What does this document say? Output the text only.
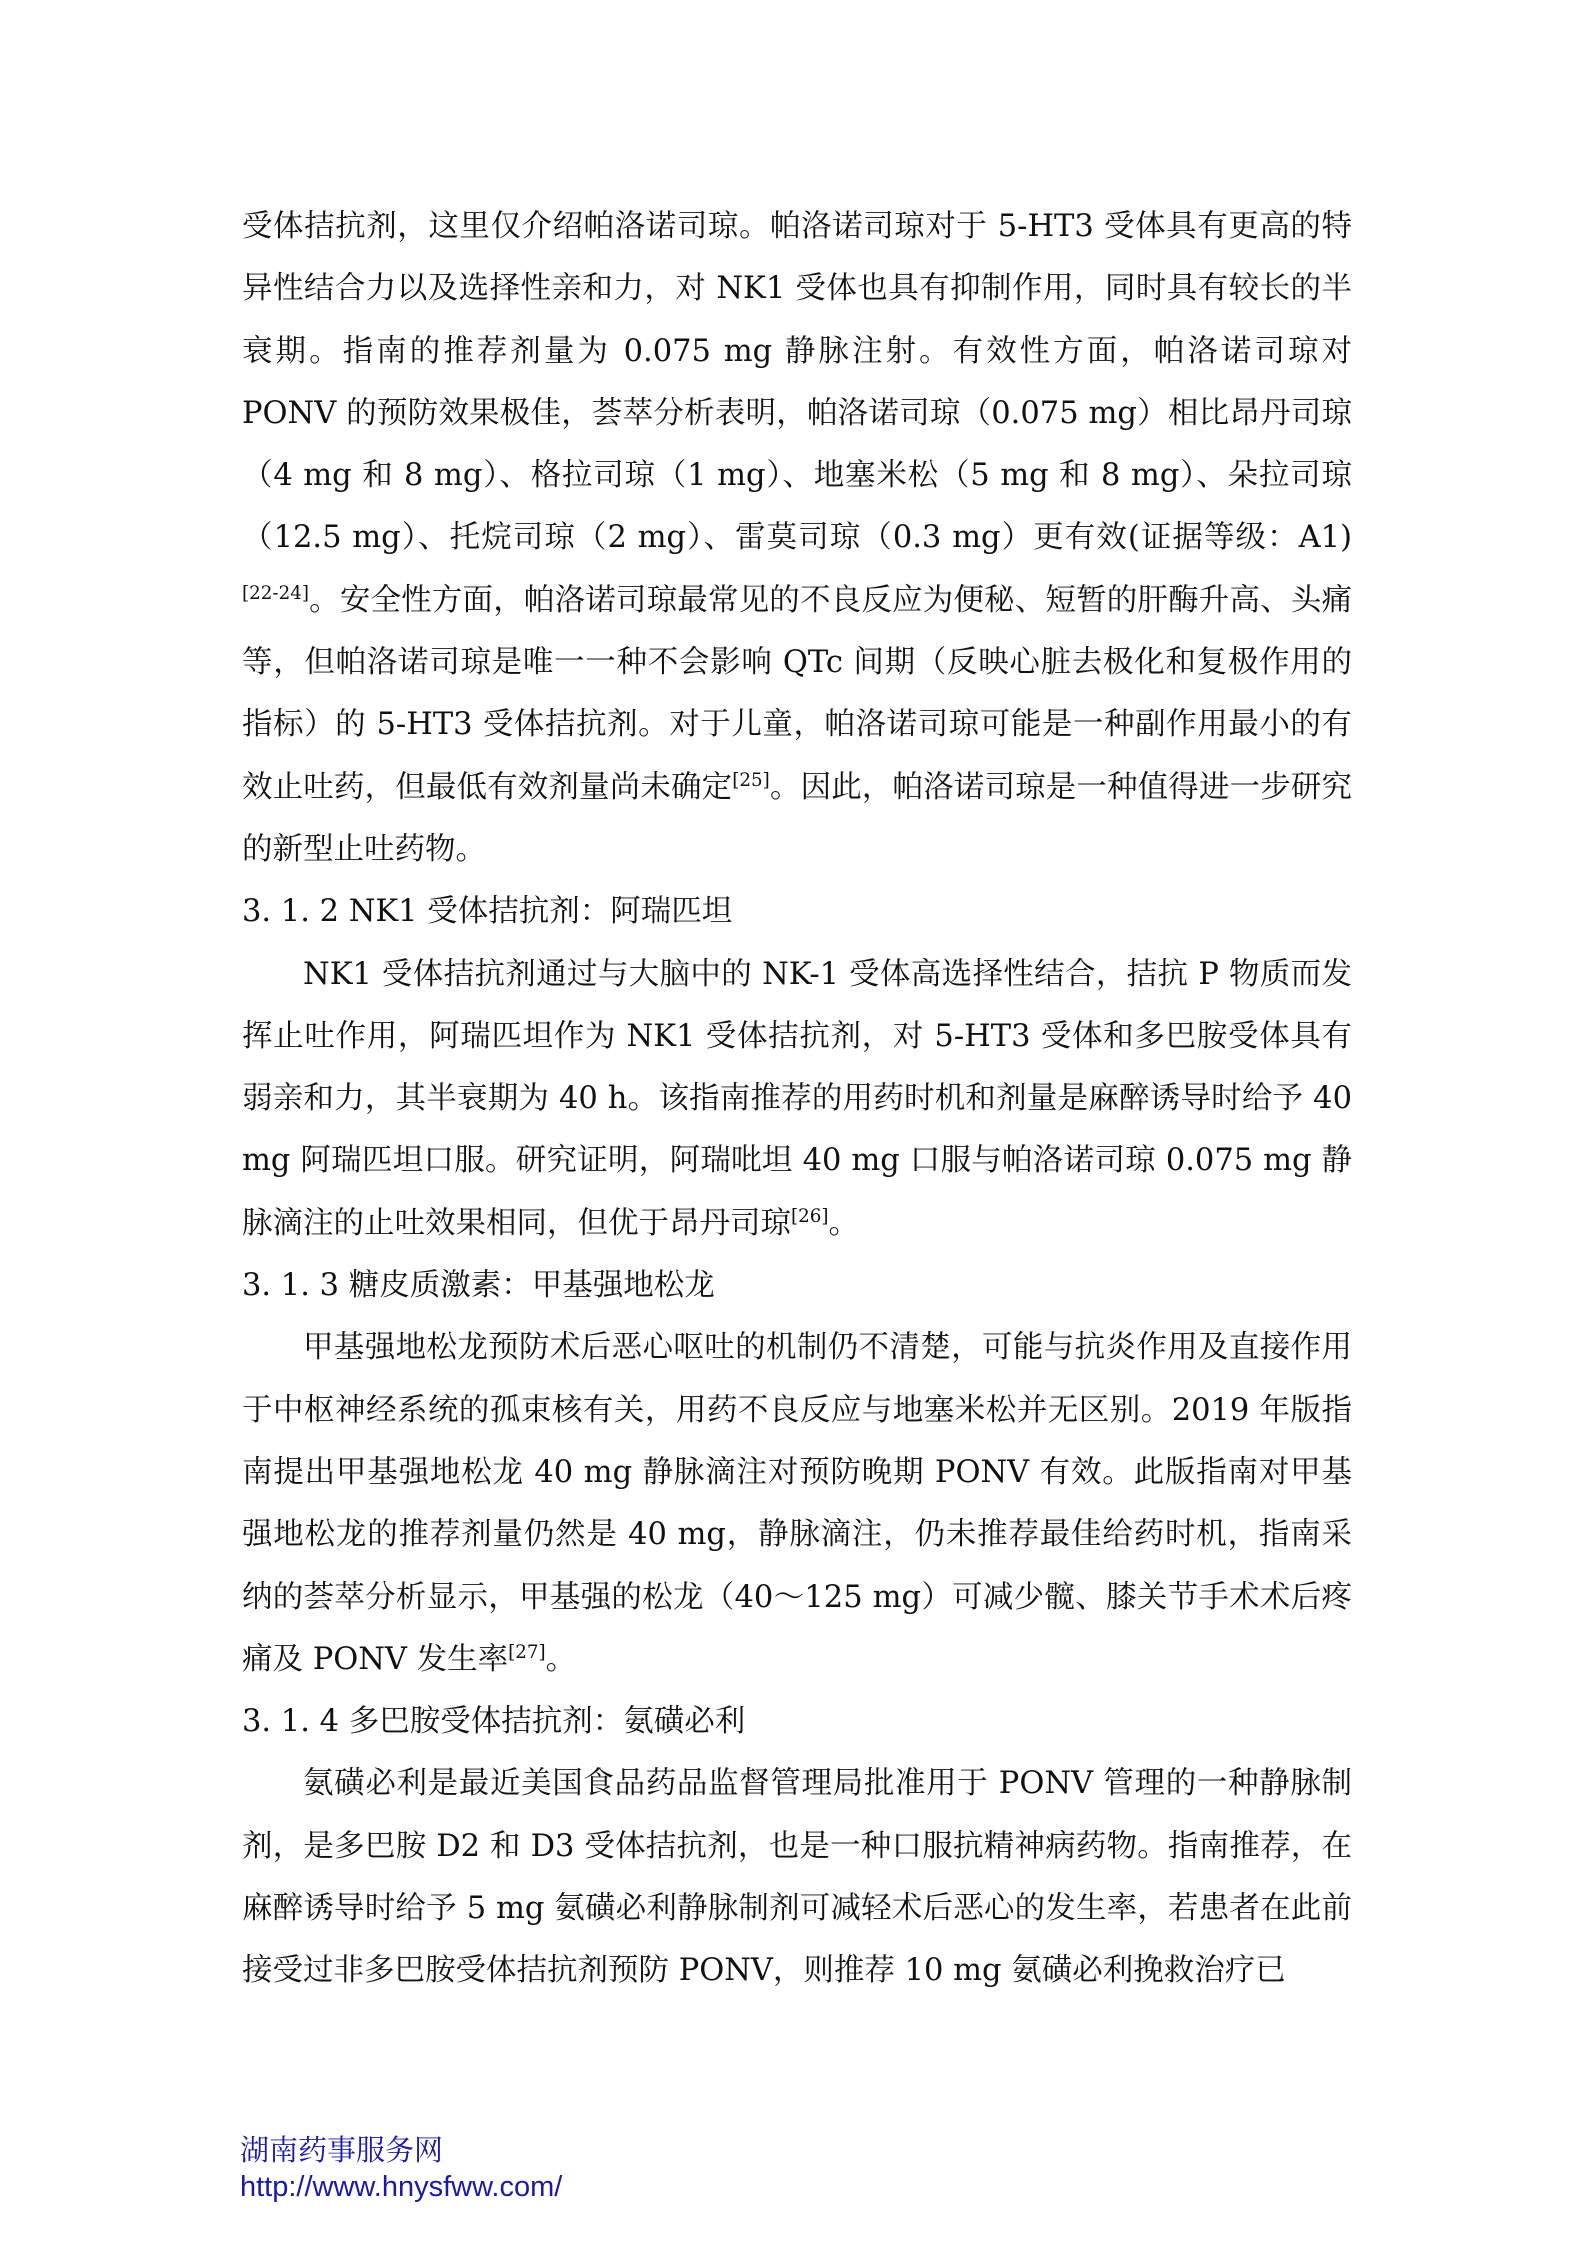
受体拮抗剂，这里仅介绍帕洛诺司琼。帕洛诺司琼对于 5-HT3 受体具有更高的特异性结合力以及选择性亲和力，对 NK1 受体也具有抑制作用，同时具有较长的半衰期。指南的推荐剂量为 0.075 mg 静脉注射。有效性方面，帕洛诺司琼对 PONV 的预防效果极佳，荟萃分析表明，帕洛诺司琼（0.075 mg）相比昂丹司琼（4 mg 和 8 mg）、格拉司琼（1 mg）、地塞米松（5 mg 和 8 mg）、朵拉司琼（12.5 mg）、托烷司琼（2 mg）、雷莫司琼（0.3 mg）更有效(证据等级：A1)[22-24]。安全性方面，帕洛诺司琼最常见的不良反应为便秘、短暂的肝酶升高、头痛等，但帕洛诺司琼是唯一一种不会影响 QTc 间期（反映心脏去极化和复极作用的指标）的 5-HT3 受体拮抗剂。对于儿童，帕洛诺司琼可能是一种副作用最小的有效止吐药，但最低有效剂量尚未确定[25]。因此，帕洛诺司琼是一种值得进一步研究的新型止吐药物。

3. 1. 2 NK1 受体拮抗剂：阿瑞匹坦

NK1 受体拮抗剂通过与大脑中的 NK-1 受体高选择性结合，拮抗 P 物质而发挥止吐作用，阿瑞匹坦作为 NK1 受体拮抗剂，对 5-HT3 受体和多巴胺受体具有弱亲和力，其半衰期为 40 h。该指南推荐的用药时机和剂量是麻醉诱导时给予 40 mg 阿瑞匹坦口服。研究证明，阿瑞吡坦 40 mg 口服与帕洛诺司琼 0.075 mg 静脉滴注的止吐效果相同，但优于昂丹司琼[26]。

3. 1. 3 糖皮质激素：甲基强地松龙

甲基强地松龙预防术后恶心呕吐的机制仍不清楚，可能与抗炎作用及直接作用于中枢神经系统的孤束核有关，用药不良反应与地塞米松并无区别。2019 年版指南提出甲基强地松龙 40 mg 静脉滴注对预防晚期 PONV 有效。此版指南对甲基强地松龙的推荐剂量仍然是 40 mg，静脉滴注，仍未推荐最佳给药时机，指南采纳的荟萃分析显示，甲基强的松龙（40～125 mg）可减少髋、膝关节手术术后疼痛及 PONV 发生率[27]。

3. 1. 4 多巴胺受体拮抗剂：氨磺必利

氨磺必利是最近美国食品药品监督管理局批准用于 PONV 管理的一种静脉制剂，是多巴胺 D2 和 D3 受体拮抗剂，也是一种口服抗精神病药物。指南推荐，在麻醉诱导时给予 5 mg 氨磺必利静脉制剂可减轻术后恶心的发生率，若患者在此前接受过非多巴胺受体拮抗剂预防 PONV，则推荐 10 mg 氨磺必利挽救治疗已

湖南药事服务网
http://www.hnysfww.com/
